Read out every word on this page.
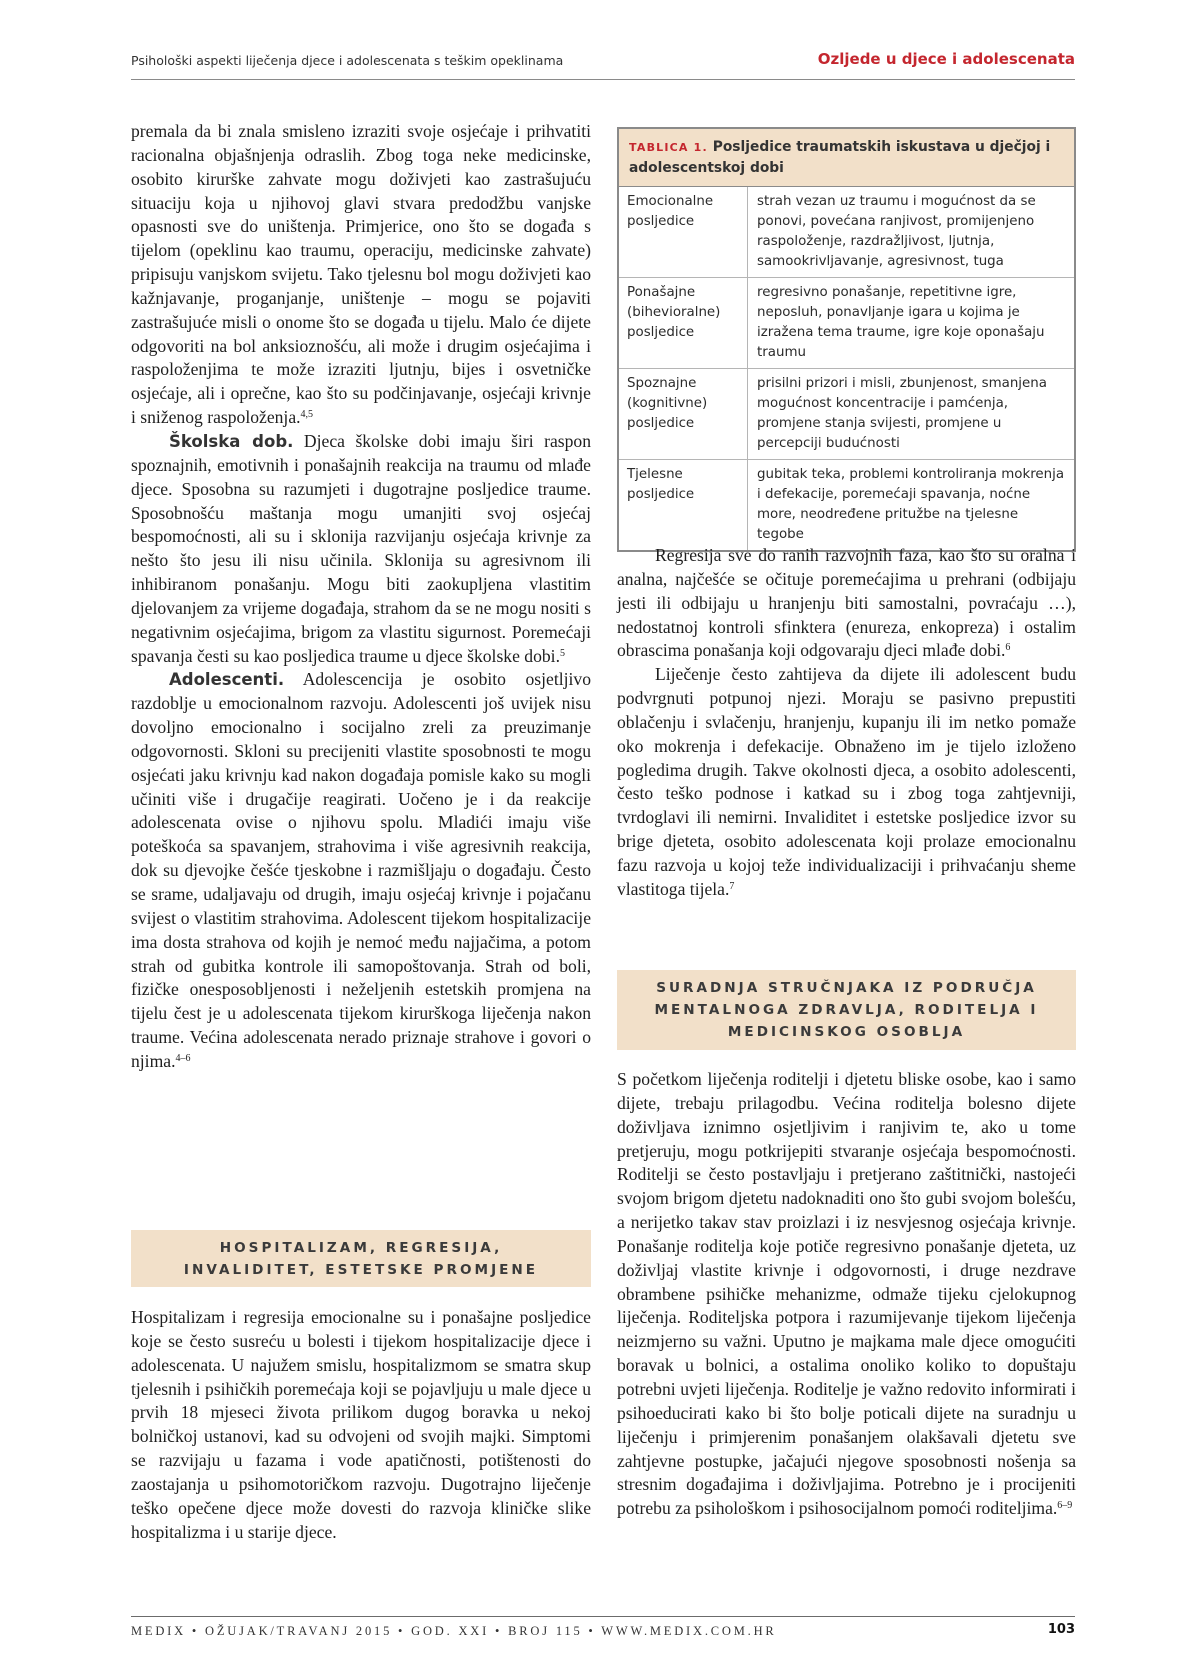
Psihološki aspekti liječenja djece i adolescenata s teškim opeklinama	Ozljede u djece i adolescenata

premala da bi znala smisleno izraziti svoje osjećaje i prihvatiti racionalna objašnjenja odraslih. Zbog toga neke medicinske, osobito kirurške zahvate mogu doživjeti kao zastrašujuću situaciju koja u njihovoj glavi stvara predodžbu vanjske opasnosti sve do uništenja. Primjerice, ono što se događa s tijelom (opeklinu kao traumu, operaciju, medicinske zahvate) pripisuju vanjskom svijetu. Tako tjelesnu bol mogu doživjeti kao kažnjavanje, proganjanje, uništenje – mogu se pojaviti zastrašujuće misli o onome što se događa u tijelu. Malo će dijete odgovoriti na bol anksioznošću, ali može i drugim osjećajima i raspoloženjima te može izraziti ljutnju, bijes i osvetničke osjećaje, ali i oprečne, kao što su podčinjavanje, osjećaji krivnje i sniženog raspoloženja.$^{4,5}$

Školska dob. Djeca školske dobi imaju širi raspon spoznajnih, emotivnih i ponašajnih reakcija na traumu od mlađe djece. Sposobna su razumjeti i dugotrajne posljedice traume. Sposobnošću maštanja mogu umanjiti svoj osjećaj bespomoćnosti, ali su i sklonija razvijanju osjećaja krivnje za nešto što jesu ili nisu učinila. Sklonija su agresivnom ili inhibiranom ponašanju. Mogu biti zaokupljena vlastitim djelovanjem za vrijeme događaja, strahom da se ne mogu nositi s negativnim osjećajima, brigom za vlastitu sigurnost. Poremećaji spavanja česti su kao posljedica traume u djece školske dobi.$^5$

Adolescenti. Adolescencija je osobito osjetljivo razdoblje u emocionalnom razvoju. Adolescenti još uvijek nisu dovoljno emocionalno i socijalno zreli za preuzimanje odgovornosti. Skloni su precijeniti vlastite sposobnosti te mogu osjećati jaku krivnju kad nakon događaja pomisle kako su mogli učiniti više i drugačije reagirati. Uočeno je i da reakcije adolescenata ovise o njihovu spolu. Mladići imaju više poteškoća sa spavanjem, strahovima i više agresivnih reakcija, dok su djevojke češće tjeskobne i razmišljaju o događaju. Često se srame, udaljavaju od drugih, imaju osjećaj krivnje i pojačanu svijest o vlastitim strahovima. Adolescent tijekom hospitalizacije ima dosta strahova od kojih je nemoć među najjačima, a potom strah od gubitka kontrole ili samopoštovanja. Strah od boli, fizičke onesposobljenosti i neželjenih estetskih promjena na tijelu čest je u adolescenata tijekom kirurškoga liječenja nakon traume. Većina adolescenata nerado priznaje strahove i govori o njima.$^{4-6}$

HOSPITALIZAM, REGRESIJA, INVALIDITET, ESTETSKE PROMJENE

Hospitalizam i regresija emocionalne su i ponašajne posljedice koje se često susreću u bolesti i tijekom hospitalizacije djece i adolescenata. U najužem smislu, hospitalizmom se smatra skup tjelesnih i psihičkih poremećaja koji se pojavljuju u male djece u prvih 18 mjeseci života prilikom dugog boravka u nekoj bolničkoj ustanovi, kad su odvojeni od svojih majki. Simptomi se razvijaju u fazama i vode apatičnosti, potištenosti do zaostajanja u psihomotoričkom razvoju. Dugotrajno liječenje teško opečene djece može dovesti do razvoja kliničke slike hospitalizma i u starije djece.

TABLICA 1. Posljedice traumatskih iskustava u dječjoj i adolescentskoj dobi
Emocionalne posljedice
strah vezan uz traumu i mogućnost da se ponovi, povećana ranjivost, promijenjeno raspoloženje, razdražljivost, ljutnja, samookrivljavanje, agresivnost, tuga
Ponašajne (bihevioralne) posljedice
regresivno ponašanje, repetitivne igre, neposluh, ponavljanje igara u kojima je izražena tema traume, igre koje oponašaju traumu
Spoznajne (kognitivne) posljedice
prisilni prizori i misli, zbunjenost, smanjena mogućnost koncentracije i pamćenja, promjene stanja svijesti, promjene u percepciji budućnosti
Tjelesne posljedice
gubitak teka, problemi kontroliranja mokrenja i defekacije, poremećaji spavanja, noćne more, neodređene pritužbe na tjelesne tegobe

Regresija sve do ranih razvojnih faza, kao što su oralna i analna, najčešće se očituje poremećajima u prehrani (odbijaju jesti ili odbijaju u hranjenju biti samostalni, povraćaju …), nedostatnoj kontroli sfinktera (enureza, enkopreza) i ostalim obrascima ponašanja koji odgovaraju djeci mlađe dobi.$^6$

Liječenje često zahtijeva da dijete ili adolescent budu podvrgnuti potpunoj njezi. Moraju se pasivno prepustiti oblačenju i svlačenju, hranjenju, kupanju ili im netko pomaže oko mokrenja i defekacije. Obnaženo im je tijelo izloženo pogledima drugih. Takve okolnosti djeca, a osobito adolescenti, često teško podnose i katkad su i zbog toga zahtjevniji, tvrdoglavi ili nemirni. Invaliditet i estetske posljedice izvor su brige djeteta, osobito adolescenata koji prolaze emocionalnu fazu razvoja u kojoj teže individualizaciji i prihvaćanju sheme vlastitoga tijela.$^7$

SURADNJA STRUČNJAKA IZ PODRUČJA MENTALNOGA ZDRAVLJA, RODITELJA I MEDICINSKOG OSOBLJA

S početkom liječenja roditelji i djetetu bliske osobe, kao i samo dijete, trebaju prilagodbu. Većina roditelja bolesno dijete doživljava iznimno osjetljivim i ranjivim te, ako u tome pretjeruju, mogu potkrijepiti stvaranje osjećaja bespomoćnosti. Roditelji se često postavljaju i pretjerano zaštitnički, nastojeći svojom brigom djetetu nadoknaditi ono što gubi svojom bolešću, a nerijetko takav stav proizlazi i iz nesvjesnog osjećaja krivnje. Ponašanje roditelja koje potiče regresivno ponašanje djeteta, uz doživljaj vlastite krivnje i odgovornosti, i druge nezdrave obrambene psihičke mehanizme, odmaže tijeku cjelokupnog liječenja. Roditeljska potpora i razumijevanje tijekom liječenja neizmjerno su važni. Uputno je majkama male djece omogućiti boravak u bolnici, a ostalima onoliko koliko to dopuštaju potrebni uvjeti liječenja. Roditelje je važno redovito informirati i psihoeducirati kako bi što bolje poticali dijete na suradnju u liječenju i primjerenim ponašanjem olakšavali djetetu sve zahtjevne postupke, jačajući njegove sposobnosti nošenja sa stresnim događajima i doživljajima. Potrebno je i procijeniti potrebu za psihološkom i psihosocijalnom pomoći roditeljima.$^{6-9}$

MEDIX • OŽUJAK/TRAVANJ 2015 • GOD. XXI • BROJ 115 • WWW.MEDIX.COM.HR	103
